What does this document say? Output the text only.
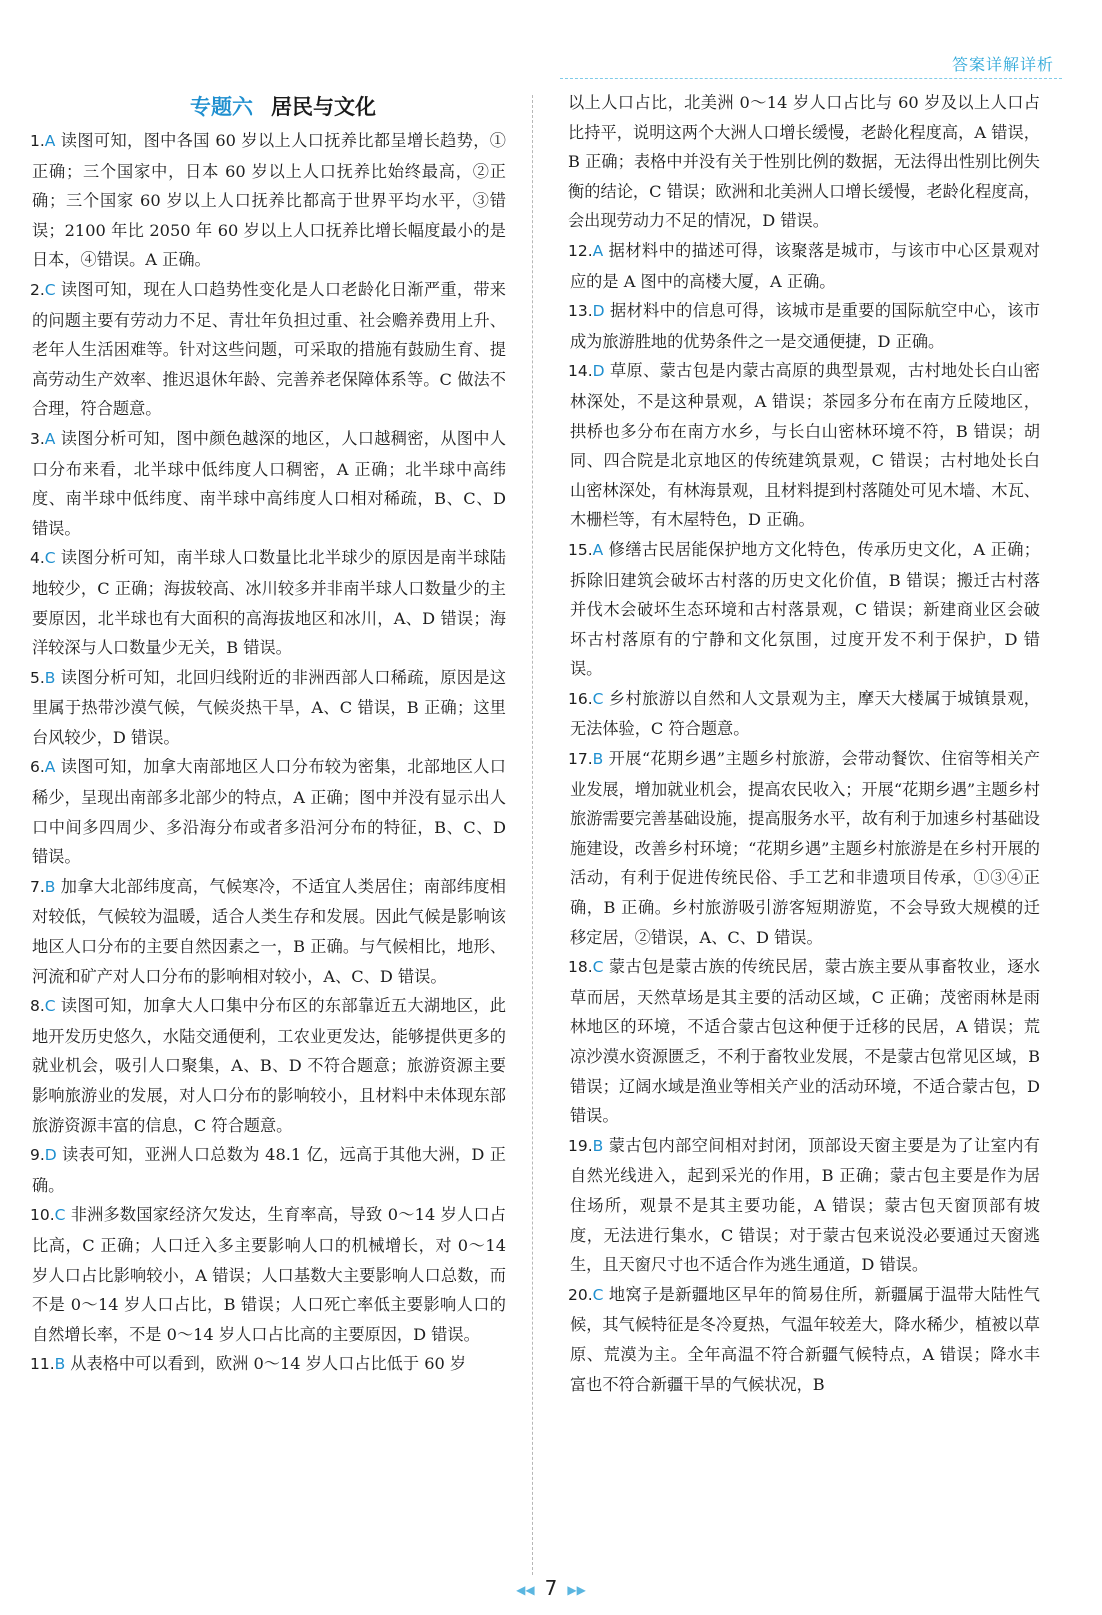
答案详解详析
专题六 居民与文化

1.A 读图可知，图中各国 60 岁以上人口抚养比都呈增长趋势，①正确；三个国家中，日本 60 岁以上人口抚养比始终最高，②正确；三个国家 60 岁以上人口抚养比都高于世界平均水平，③错误；2100 年比 2050 年 60 岁以上人口抚养比增长幅度最小的是日本，④错误。A 正确。

2.C 读图可知，现在人口趋势性变化是人口老龄化日渐严重，带来的问题主要有劳动力不足、青壮年负担过重、社会赡养费用上升、老年人生活困难等。针对这些问题，可采取的措施有鼓励生育、提高劳动生产效率、推迟退休年龄、完善养老保障体系等。C 做法不合理，符合题意。

3.A 读图分析可知，图中颜色越深的地区，人口越稠密，从图中人口分布来看，北半球中低纬度人口稠密，A 正确；北半球中高纬度、南半球中低纬度、南半球中高纬度人口相对稀疏，B、C、D 错误。

4.C 读图分析可知，南半球人口数量比北半球少的原因是南半球陆地较少，C 正确；海拔较高、冰川较多并非南半球人口数量少的主要原因，北半球也有大面积的高海拔地区和冰川，A、D 错误；海洋较深与人口数量少无关，B 错误。

5.B 读图分析可知，北回归线附近的非洲西部人口稀疏，原因是这里属于热带沙漠气候，气候炎热干旱，A、C 错误，B 正确；这里台风较少，D 错误。

6.A 读图可知，加拿大南部地区人口分布较为密集，北部地区人口稀少，呈现出南部多北部少的特点，A 正确；图中并没有显示出人口中间多四周少、多沿海分布或者多沿河分布的特征，B、C、D 错误。

7.B 加拿大北部纬度高，气候寒冷，不适宜人类居住；南部纬度相对较低，气候较为温暖，适合人类生存和发展。因此气候是影响该地区人口分布的主要自然因素之一，B 正确。与气候相比，地形、河流和矿产对人口分布的影响相对较小，A、C、D 错误。

8.C 读图可知，加拿大人口集中分布区的东部靠近五大湖地区，此地开发历史悠久，水陆交通便利，工农业更发达，能够提供更多的就业机会，吸引人口聚集，A、B、D 不符合题意；旅游资源主要影响旅游业的发展，对人口分布的影响较小，且材料中未体现东部旅游资源丰富的信息，C 符合题意。

9.D 读表可知，亚洲人口总数为 48.1 亿，远高于其他大洲，D 正确。

10.C 非洲多数国家经济欠发达，生育率高，导致 0～14 岁人口占比高，C 正确；人口迁入多主要影响人口的机械增长，对 0～14 岁人口占比影响较小，A 错误；人口基数大主要影响人口总数，而不是 0～14 岁人口占比，B 错误；人口死亡率低主要影响人口的自然增长率，不是 0～14 岁人口占比高的主要原因，D 错误。

11.B 从表格中可以看到，欧洲 0～14 岁人口占比低于 60 岁

以上人口占比，北美洲 0～14 岁人口占比与 60 岁及以上人口占比持平，说明这两个大洲人口增长缓慢，老龄化程度高，A 错误，B 正确；表格中并没有关于性别比例的数据，无法得出性别比例失衡的结论，C 错误；欧洲和北美洲人口增长缓慢，老龄化程度高，会出现劳动力不足的情况，D 错误。

12.A 据材料中的描述可得，该聚落是城市，与该市中心区景观对应的是 A 图中的高楼大厦，A 正确。

13.D 据材料中的信息可得，该城市是重要的国际航空中心，该市成为旅游胜地的优势条件之一是交通便捷，D 正确。

14.D 草原、蒙古包是内蒙古高原的典型景观，古村地处长白山密林深处，不是这种景观，A 错误；茶园多分布在南方丘陵地区，拱桥也多分布在南方水乡，与长白山密林环境不符，B 错误；胡同、四合院是北京地区的传统建筑景观，C 错误；古村地处长白山密林深处，有林海景观，且材料提到村落随处可见木墙、木瓦、木栅栏等，有木屋特色，D 正确。

15.A 修缮古民居能保护地方文化特色，传承历史文化，A 正确；拆除旧建筑会破坏古村落的历史文化价值，B 错误；搬迁古村落并伐木会破坏生态环境和古村落景观，C 错误；新建商业区会破坏古村落原有的宁静和文化氛围，过度开发不利于保护，D 错误。

16.C 乡村旅游以自然和人文景观为主，摩天大楼属于城镇景观，无法体验，C 符合题意。

17.B 开展“花期乡遇”主题乡村旅游，会带动餐饮、住宿等相关产业发展，增加就业机会，提高农民收入；开展“花期乡遇”主题乡村旅游需要完善基础设施，提高服务水平，故有利于加速乡村基础设施建设，改善乡村环境；“花期乡遇”主题乡村旅游是在乡村开展的活动，有利于促进传统民俗、手工艺和非遗项目传承，①③④正确，B 正确。乡村旅游吸引游客短期游览，不会导致大规模的迁移定居，②错误，A、C、D 错误。

18.C 蒙古包是蒙古族的传统民居，蒙古族主要从事畜牧业，逐水草而居，天然草场是其主要的活动区域，C 正确；茂密雨林是雨林地区的环境，不适合蒙古包这种便于迁移的民居，A 错误；荒凉沙漠水资源匮乏，不利于畜牧业发展，不是蒙古包常见区域，B 错误；辽阔水域是渔业等相关产业的活动环境，不适合蒙古包，D 错误。

19.B 蒙古包内部空间相对封闭，顶部设天窗主要是为了让室内有自然光线进入，起到采光的作用，B 正确；蒙古包主要是作为居住场所，观景不是其主要功能，A 错误；蒙古包天窗顶部有坡度，无法进行集水，C 错误；对于蒙古包来说没必要通过天窗逃生，且天窗尺寸也不适合作为逃生通道，D 错误。

20.C 地窝子是新疆地区早年的简易住所，新疆属于温带大陆性气候，其气候特征是冬冷夏热，气温年较差大，降水稀少，植被以草原、荒漠为主。全年高温不符合新疆气候特点，A 错误；降水丰富也不符合新疆干旱的气候状况，B

◀◀ 7 ▶▶
